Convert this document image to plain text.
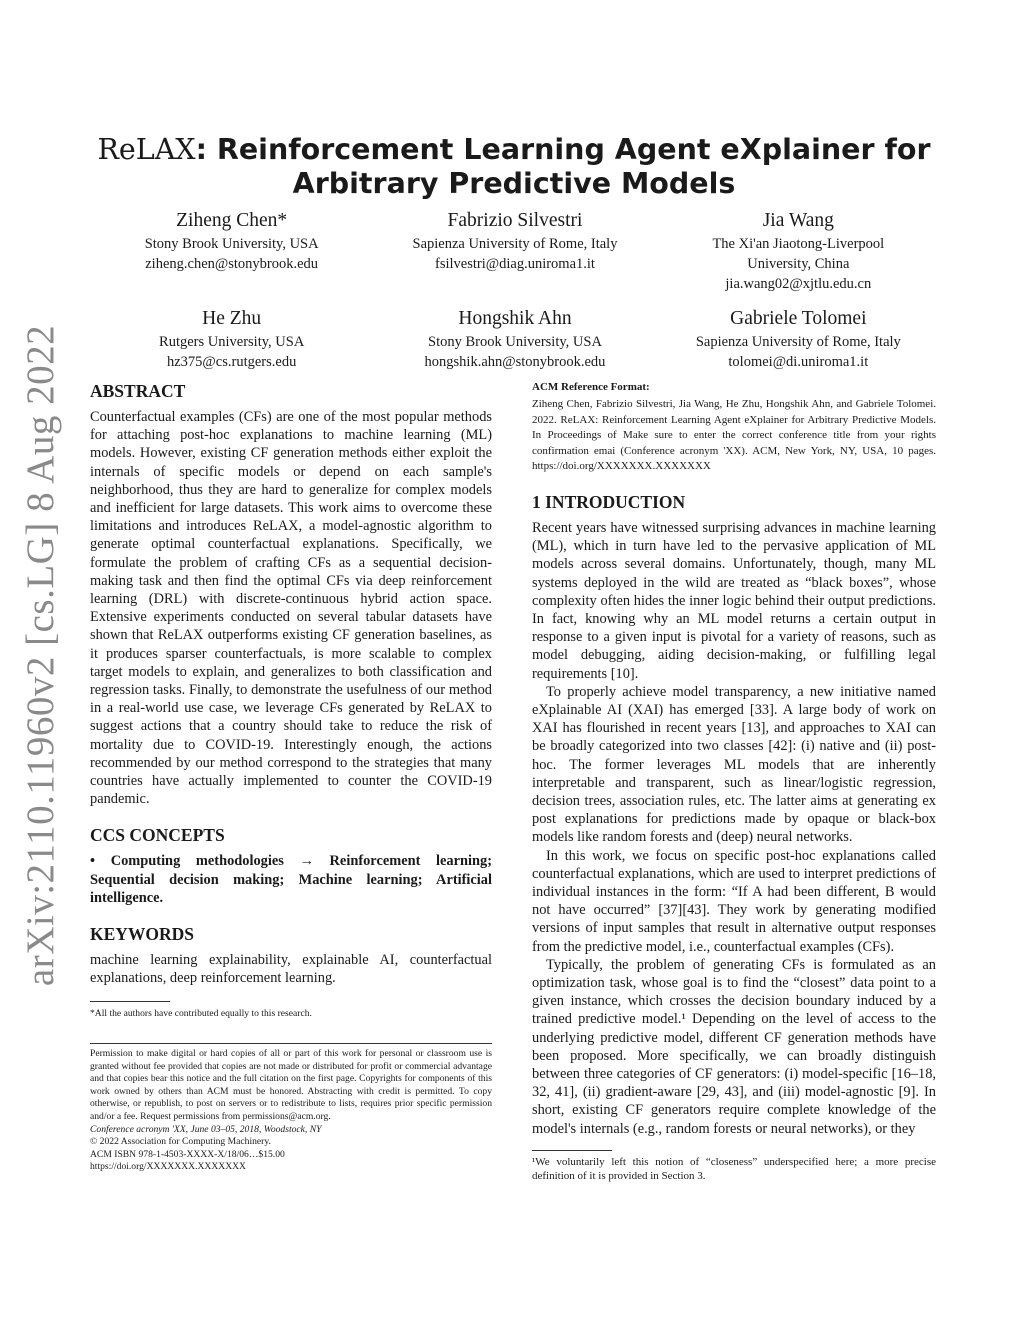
arXiv:2110.11960v2 [cs.LG] 8 Aug 2022
ReLAX: Reinforcement Learning Agent eXplainer for Arbitrary Predictive Models
Ziheng Chen*
Stony Brook University, USA
ziheng.chen@stonybrook.edu
Fabrizio Silvestri
Sapienza University of Rome, Italy
fsilvestri@diag.uniroma1.it
Jia Wang
The Xi'an Jiaotong-Liverpool University, China
jia.wang02@xjtlu.edu.cn
He Zhu
Rutgers University, USA
hz375@cs.rutgers.edu
Hongshik Ahn
Stony Brook University, USA
hongshik.ahn@stonybrook.edu
Gabriele Tolomei
Sapienza University of Rome, Italy
tolomei@di.uniroma1.it
ABSTRACT

Counterfactual examples (CFs) are one of the most popular methods for attaching post-hoc explanations to machine learning (ML) models. However, existing CF generation methods either exploit the internals of specific models or depend on each sample's neighborhood, thus they are hard to generalize for complex models and inefficient for large datasets. This work aims to overcome these limitations and introduces ReLAX, a model-agnostic algorithm to generate optimal counterfactual explanations. Specifically, we formulate the problem of crafting CFs as a sequential decision-making task and then find the optimal CFs via deep reinforcement learning (DRL) with discrete-continuous hybrid action space. Extensive experiments conducted on several tabular datasets have shown that ReLAX outperforms existing CF generation baselines, as it produces sparser counterfactuals, is more scalable to complex target models to explain, and generalizes to both classification and regression tasks. Finally, to demonstrate the usefulness of our method in a real-world use case, we leverage CFs generated by ReLAX to suggest actions that a country should take to reduce the risk of mortality due to COVID-19. Interestingly enough, the actions recommended by our method correspond to the strategies that many countries have actually implemented to counter the COVID-19 pandemic.

CCS CONCEPTS

• Computing methodologies → Reinforcement learning; Sequential decision making; Machine learning; Artificial intelligence.

KEYWORDS

machine learning explainability, explainable AI, counterfactual explanations, deep reinforcement learning.

*All the authors have contributed equally to this research.
Permission to make digital or hard copies of all or part of this work for personal or classroom use is granted without fee provided that copies are not made or distributed for profit or commercial advantage and that copies bear this notice and the full citation on the first page. Copyrights for components of this work owned by others than ACM must be honored. Abstracting with credit is permitted. To copy otherwise, or republish, to post on servers or to redistribute to lists, requires prior specific permission and/or a fee. Request permissions from permissions@acm.org.
Conference acronym 'XX, June 03–05, 2018, Woodstock, NY
© 2022 Association for Computing Machinery.
ACM ISBN 978-1-4503-XXXX-X/18/06…$15.00
https://doi.org/XXXXXXX.XXXXXXX
ACM Reference Format:
Ziheng Chen, Fabrizio Silvestri, Jia Wang, He Zhu, Hongshik Ahn, and Gabriele Tolomei. 2022. ReLAX: Reinforcement Learning Agent eXplainer for Arbitrary Predictive Models. In Proceedings of Make sure to enter the correct conference title from your rights confirmation emai (Conference acronym 'XX). ACM, New York, NY, USA, 10 pages. https://doi.org/XXXXXXX.XXXXXXX
1 INTRODUCTION

Recent years have witnessed surprising advances in machine learning (ML), which in turn have led to the pervasive application of ML models across several domains. Unfortunately, though, many ML systems deployed in the wild are treated as “black boxes”, whose complexity often hides the inner logic behind their output predictions. In fact, knowing why an ML model returns a certain output in response to a given input is pivotal for a variety of reasons, such as model debugging, aiding decision-making, or fulfilling legal requirements [10].

To properly achieve model transparency, a new initiative named eXplainable AI (XAI) has emerged [33]. A large body of work on XAI has flourished in recent years [13], and approaches to XAI can be broadly categorized into two classes [42]: (i) native and (ii) post-hoc. The former leverages ML models that are inherently interpretable and transparent, such as linear/logistic regression, decision trees, association rules, etc. The latter aims at generating ex post explanations for predictions made by opaque or black-box models like random forests and (deep) neural networks.

In this work, we focus on specific post-hoc explanations called counterfactual explanations, which are used to interpret predictions of individual instances in the form: “If A had been different, B would not have occurred” [37][43]. They work by generating modified versions of input samples that result in alternative output responses from the predictive model, i.e., counterfactual examples (CFs).

Typically, the problem of generating CFs is formulated as an optimization task, whose goal is to find the “closest” data point to a given instance, which crosses the decision boundary induced by a trained predictive model.¹ Depending on the level of access to the underlying predictive model, different CF generation methods have been proposed. More specifically, we can broadly distinguish between three categories of CF generators: (i) model-specific [16–18, 32, 41], (ii) gradient-aware [29, 43], and (iii) model-agnostic [9]. In short, existing CF generators require complete knowledge of the model's internals (e.g., random forests or neural networks), or they

¹We voluntarily left this notion of “closeness” underspecified here; a more precise definition of it is provided in Section 3.
